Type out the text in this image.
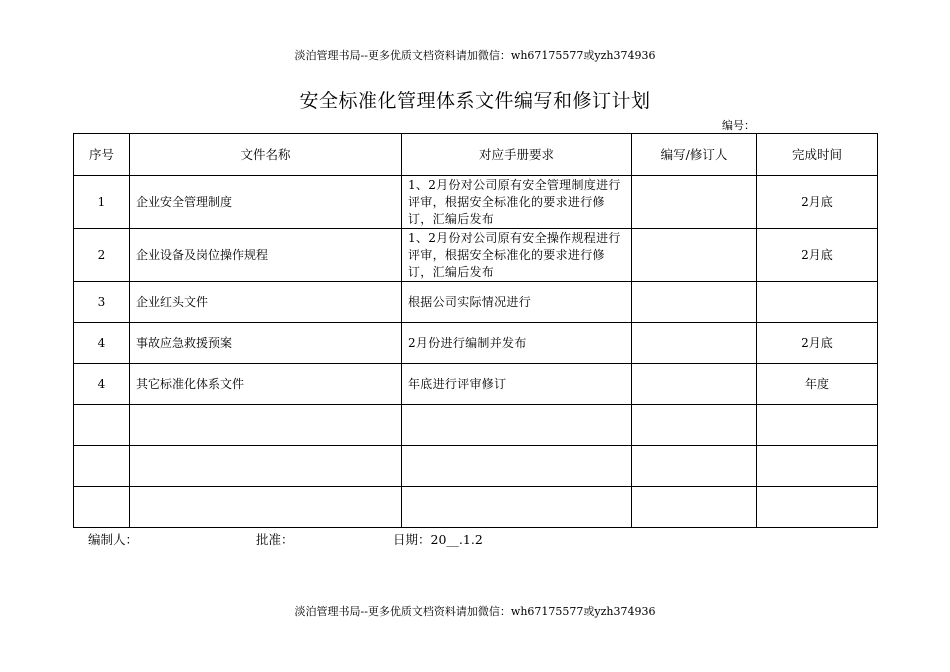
淡泊管理书局--更多优质文档资料请加微信：wh67175577或yzh374936
安全标准化管理体系文件编写和修订计划
编号：
序号	文件名称	对应手册要求	编写/修订人	完成时间
1	企业安全管理制度	1、2月份对公司原有安全管理制度进行评审，根据安全标准化的要求进行修订，汇编后发布		2月底
2	企业设备及岗位操作规程	1、2月份对公司原有安全操作规程进行评审，根据安全标准化的要求进行修订，汇编后发布		2月底
3	企业红头文件	根据公司实际情况进行		
4	事故应急救援预案	2月份进行编制并发布		2月底
4	其它标准化体系文件	年底进行评审修订		年度

编制人：	批准：	日期：20__.1.2
淡泊管理书局--更多优质文档资料请加微信：wh67175577或yzh374936
